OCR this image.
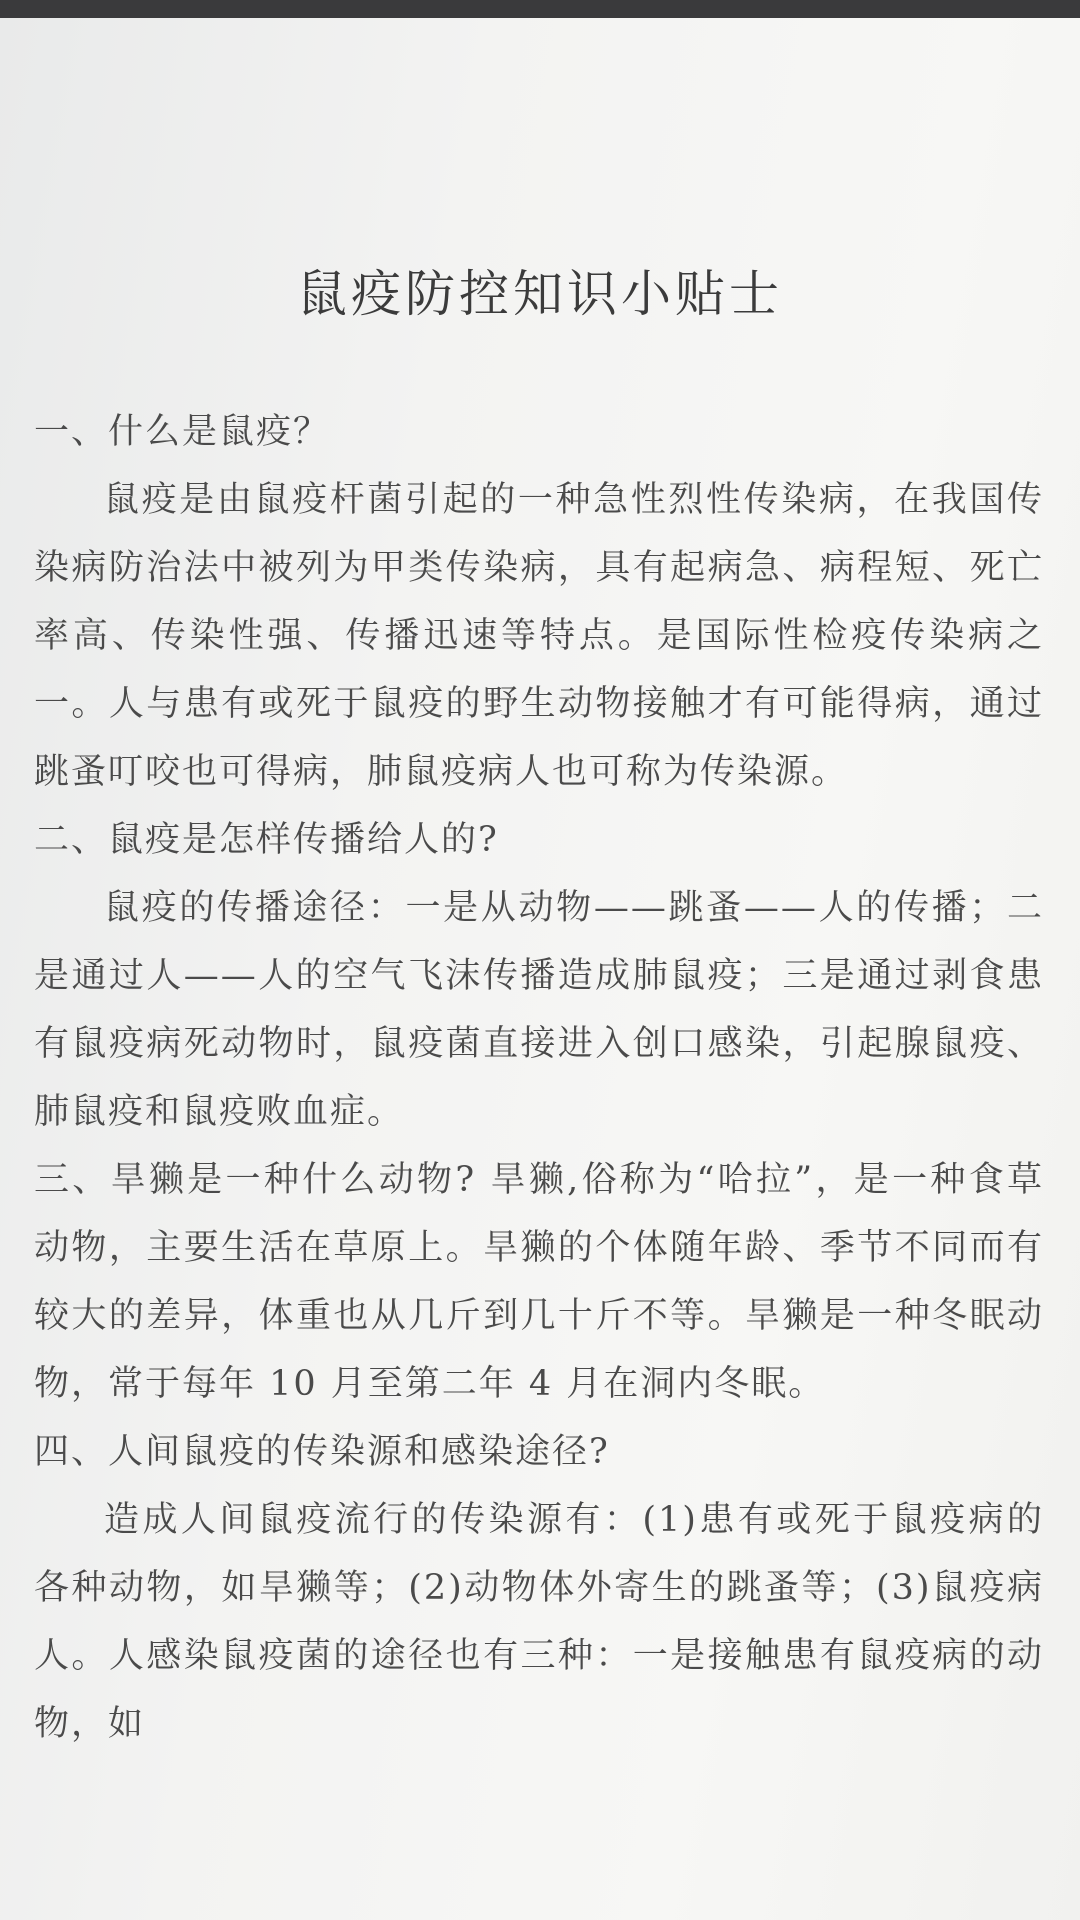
鼠疫防控知识小贴士

一、什么是鼠疫？

鼠疫是由鼠疫杆菌引起的一种急性烈性传染病，在我国传染病防治法中被列为甲类传染病，具有起病急、病程短、死亡率高、传染性强、传播迅速等特点。是国际性检疫传染病之一。人与患有或死于鼠疫的野生动物接触才有可能得病，通过跳蚤叮咬也可得病，肺鼠疫病人也可称为传染源。

二、鼠疫是怎样传播给人的?

鼠疫的传播途径：一是从动物——跳蚤——人的传播；二是通过人——人的空气飞沫传播造成肺鼠疫；三是通过剥食患有鼠疫病死动物时，鼠疫菌直接进入创口感染，引起腺鼠疫、肺鼠疫和鼠疫败血症。

三、旱獭是一种什么动物? 旱獭,俗称为“哈拉”，是一种食草动物，主要生活在草原上。旱獭的个体随年龄、季节不同而有较大的差异，体重也从几斤到几十斤不等。旱獭是一种冬眠动物，常于每年 10 月至第二年 4 月在洞内冬眠。

四、人间鼠疫的传染源和感染途径?

造成人间鼠疫流行的传染源有：(1)患有或死于鼠疫病的各种动物，如旱獭等；(2)动物体外寄生的跳蚤等；(3)鼠疫病人。人感染鼠疫菌的途径也有三种：一是接触患有鼠疫病的动物，如
